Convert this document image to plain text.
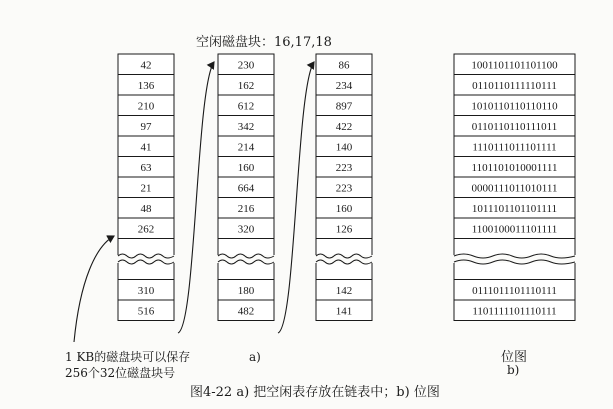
42
136
210
97
41
63
21
48
262
310
516
230
162
612
342
214
160
664
216
320
180
482
86
234
897
422
140
223
223
160
126
142
141
1001101101101100
0110110111110111
1010110110110110
0110110110111011
1110111011101111
1101101010001111
0000111011010111
1011101101101111
1100100011101111
0111011101110111
1101111101110111
空闲磁盘块：16,17,18
1 KB的磁盘块可以保存
256个32位磁盘块号
a)	位图
b)
图4-22 a) 把空闲表存放在链表中；b) 位图
